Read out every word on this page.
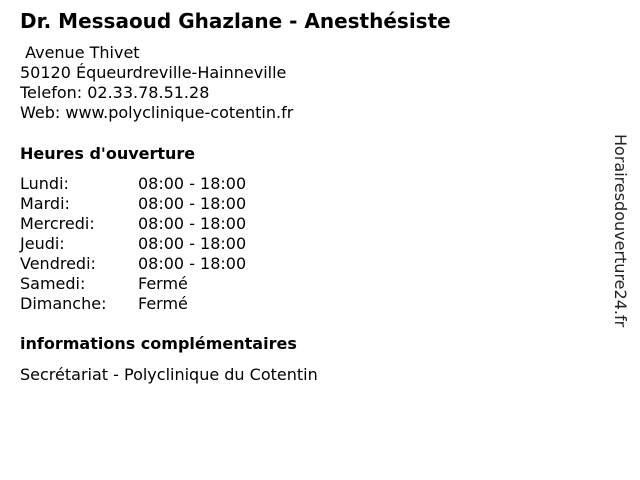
Dr. Messaoud Ghazlane - Anesthésiste
Avenue Thivet
50120 Équeurdreville-Hainneville
Telefon: 02.33.78.51.28
Web: www.polyclinique-cotentin.fr
Heures d'ouverture
Lundi:	08:00 - 18:00
Mardi:	08:00 - 18:00
Mercredi:	08:00 - 18:00
Jeudi:	08:00 - 18:00
Vendredi:	08:00 - 18:00
Samedi:	Fermé
Dimanche:	Fermé
informations complémentaires
Secrétariat - Polyclinique du Cotentin
Horairesdouverture24.fr
